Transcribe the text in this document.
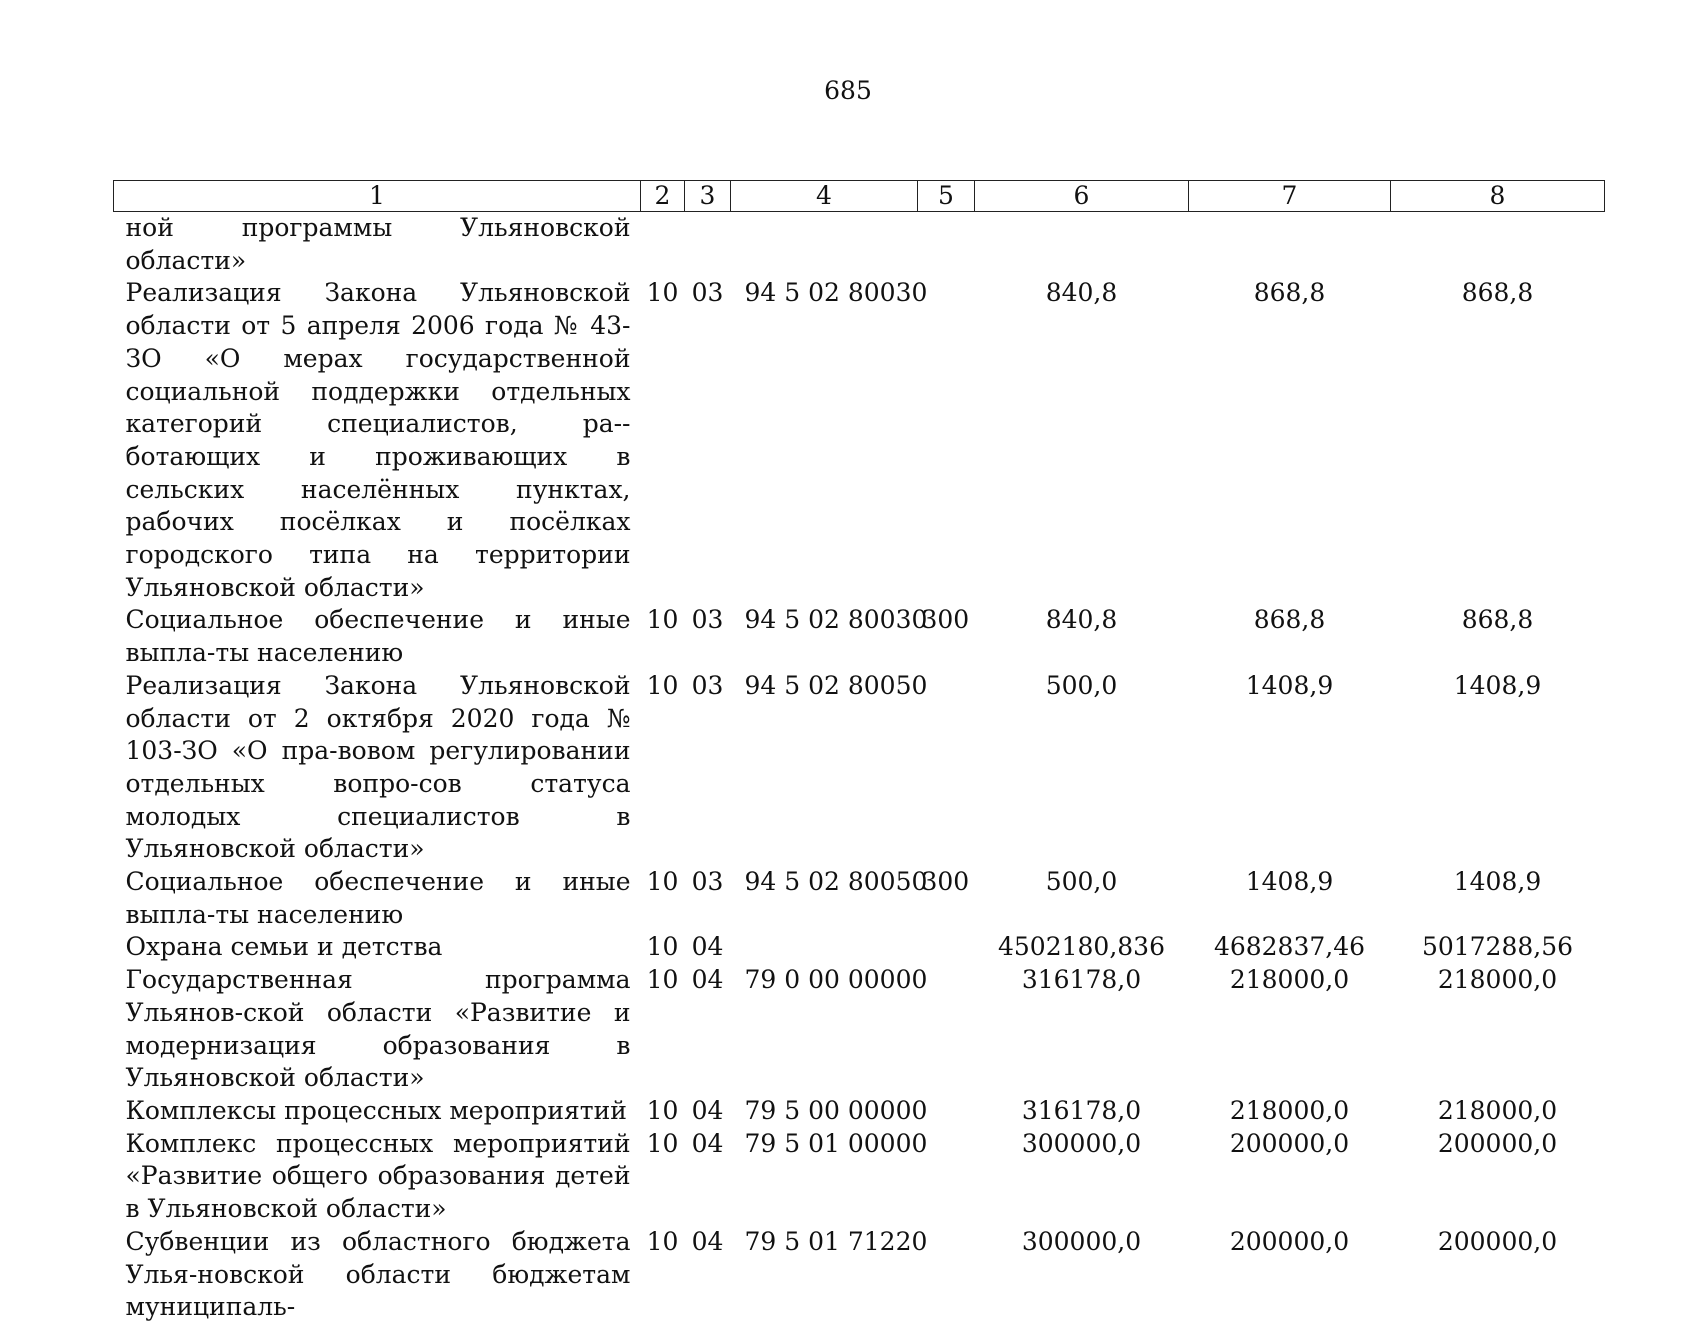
685
1	2	3	4	5	6	7	8
ной программы Ульяновской области»							
Реализация Закона Ульяновской области от 5 апреля 2006 года № 43-ЗО «О мерах государственной социальной поддержки отдельных категорий специалистов, ра-ботающих и проживающих в сельских населённых пунктах, рабочих посёлках и посёлках городского типа на территории Ульяновской области»	10	03	94 5 02 80030		840,8	868,8	868,8
Социальное обеспечение и иные выпла-ты населению	10	03	94 5 02 80030	300	840,8	868,8	868,8
Реализация Закона Ульяновской области от 2 октября 2020 года № 103-ЗО «О пра-вовом регулировании отдельных вопро-сов статуса молодых специалистов в Ульяновской области»	10	03	94 5 02 80050		500,0	1408,9	1408,9
Социальное обеспечение и иные выпла-ты населению	10	03	94 5 02 80050	300	500,0	1408,9	1408,9
Охрана семьи и детства	10	04			4502180,836	4682837,46	5017288,56
Государственная программа Ульянов-ской области «Развитие и модернизация образования в Ульяновской области»	10	04	79 0 00 00000		316178,0	218000,0	218000,0
Комплексы процессных мероприятий	10	04	79 5 00 00000		316178,0	218000,0	218000,0
Комплекс процессных мероприятий «Развитие общего образования детей в Ульяновской области»	10	04	79 5 01 00000		300000,0	200000,0	200000,0
Субвенции из областного бюджета Улья-новской области бюджетам муниципаль-	10	04	79 5 01 71220		300000,0	200000,0	200000,0
